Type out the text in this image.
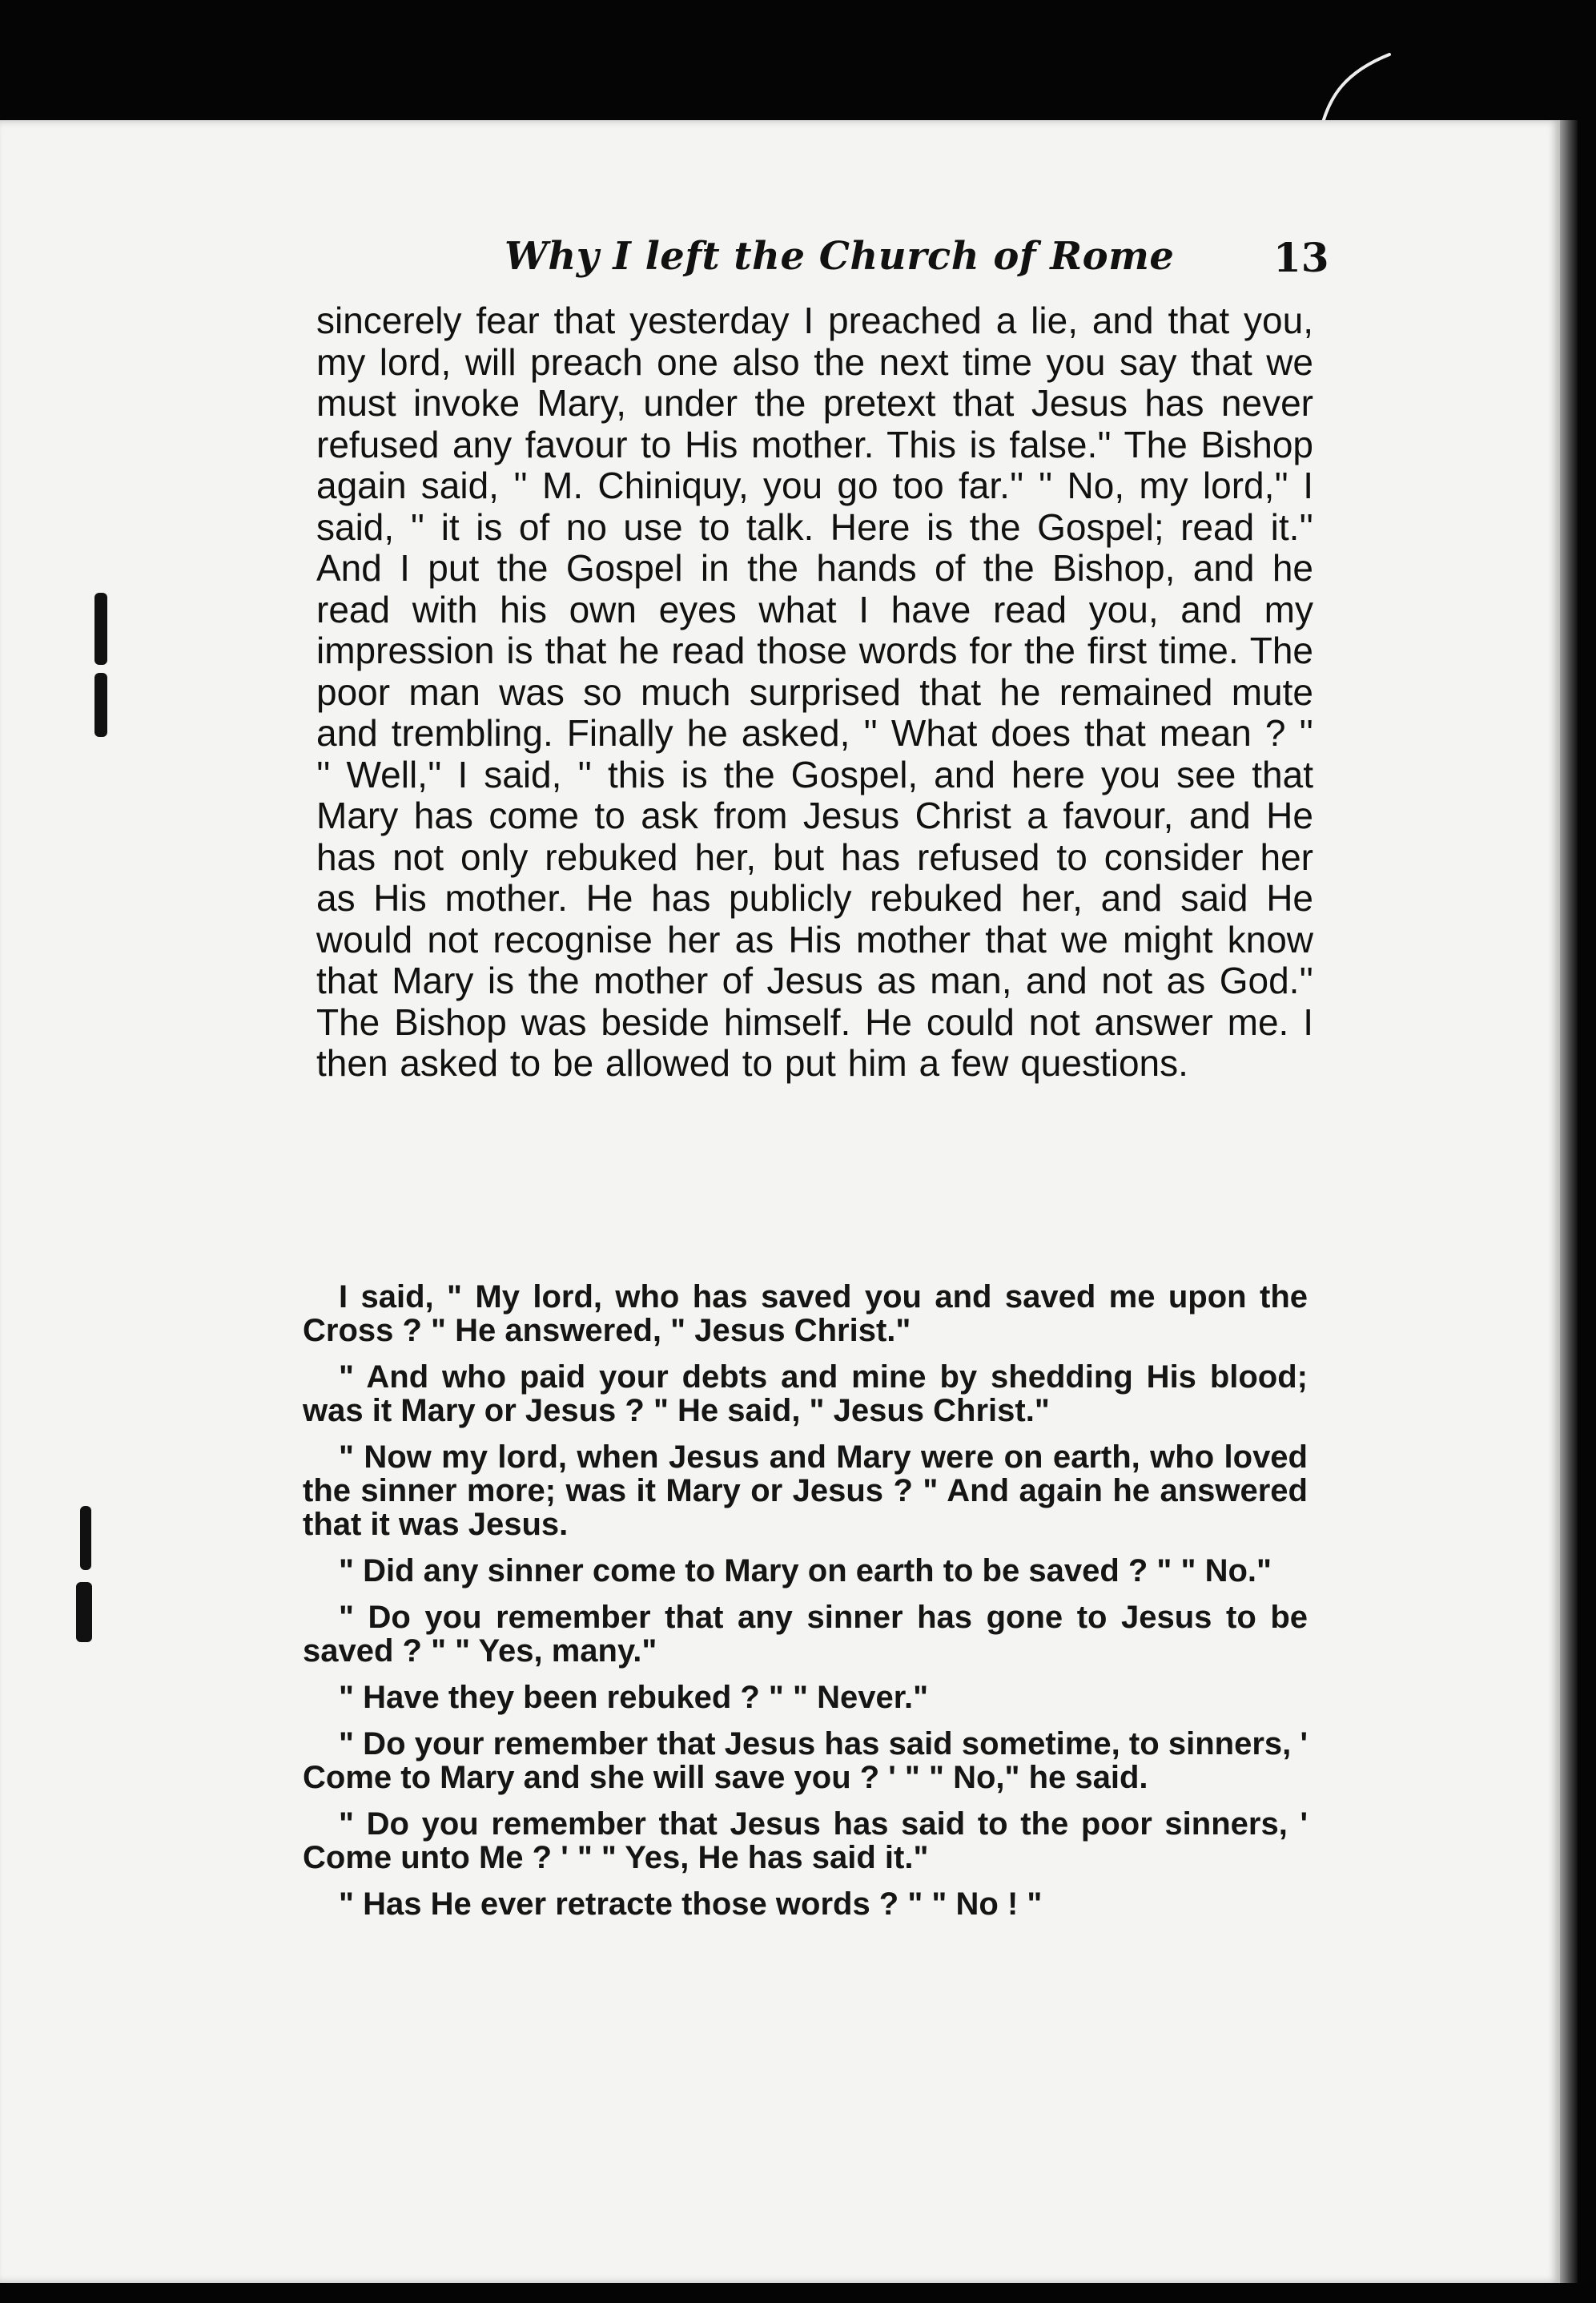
Why I left the Church of Rome	13

sincerely fear that yesterday I preached a lie, and that you, my lord, will preach one also the next time you say that we must invoke Mary, under the pretext that Jesus has never refused any favour to His mother. This is false.'' The Bishop again said, '' M. Chiniquy, you go too far.'' '' No, my lord,'' I said, '' it is of no use to talk. Here is the Gospel; read it.'' And I put the Gospel in the hands of the Bishop, and he read with his own eyes what I have read you, and my impression is that he read those words for the first time. The poor man was so much surprised that he remained mute and trembling. Finally he asked, '' What does that mean ? '' '' Well,'' I said, '' this is the Gospel, and here you see that Mary has come to ask from Jesus Christ a favour, and He has not only rebuked her, but has refused to consider her as His mother. He has publicly rebuked her, and said He would not recognise her as His mother that we might know that Mary is the mother of Jesus as man, and not as God.'' The Bishop was beside himself. He could not answer me. I then asked to be allowed to put him a few questions.

I said, " My lord, who has saved you and saved me upon the Cross ? " He answered, " Jesus Christ."

" And who paid your debts and mine by shedding His blood; was it Mary or Jesus ? " He said, " Jesus Christ."

" Now my lord, when Jesus and Mary were on earth, who loved the sinner more; was it Mary or Jesus ? " And again he answered that it was Jesus.

" Did any sinner come to Mary on earth to be saved ? " " No."

" Do you remember that any sinner has gone to Jesus to be saved ? " " Yes, many."

" Have they been rebuked ? " " Never."

" Do your remember that Jesus has said sometime, to sinners, ' Come to Mary and she will save you ? ' " " No," he said.

" Do you remember that Jesus has said to the poor sinners, ' Come unto Me ? ' " " Yes, He has said it."

" Has He ever retracte those words ? " " No ! "
